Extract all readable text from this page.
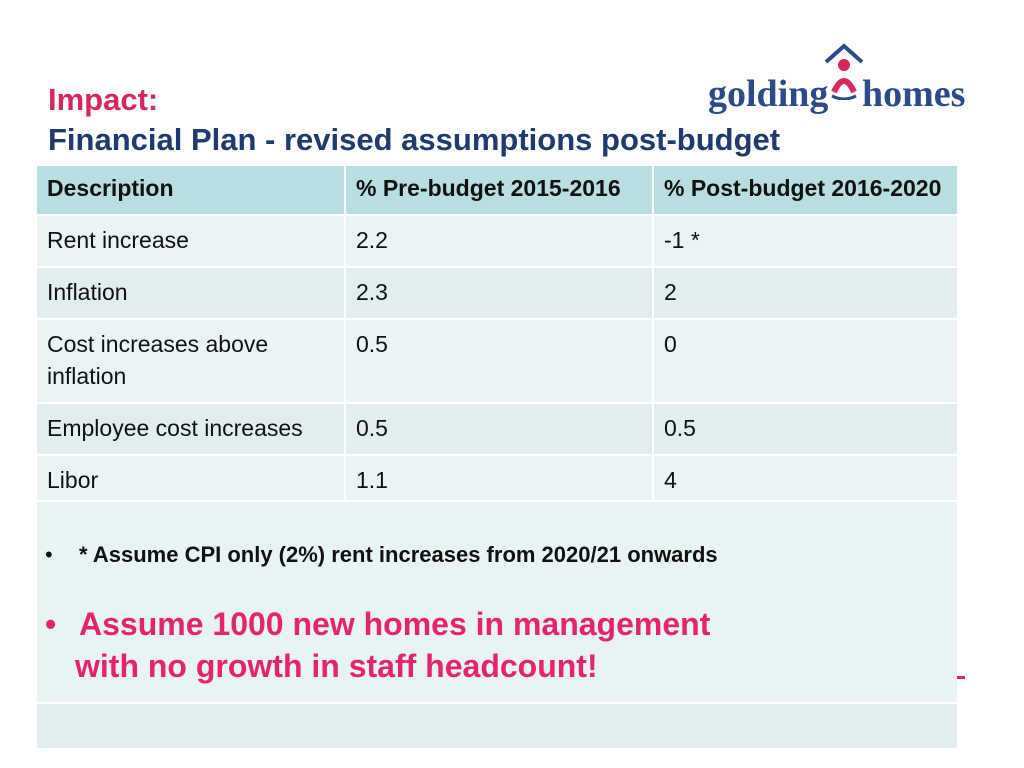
Impact:
Financial Plan - revised assumptions post-budget
golding homes
Description	% Pre-budget 2015-2016	% Post-budget 2016-2020
Rent increase	2.2	-1 *
Inflation	2.3	2
Cost increases above inflation	0.5	0
Employee cost increases	0.5	0.5
Libor	1.1	4
• * Assume CPI only (2%) rent increases from 2020/21 onwards
• Assume 1000 new homes in management
with no growth in staff headcount!
